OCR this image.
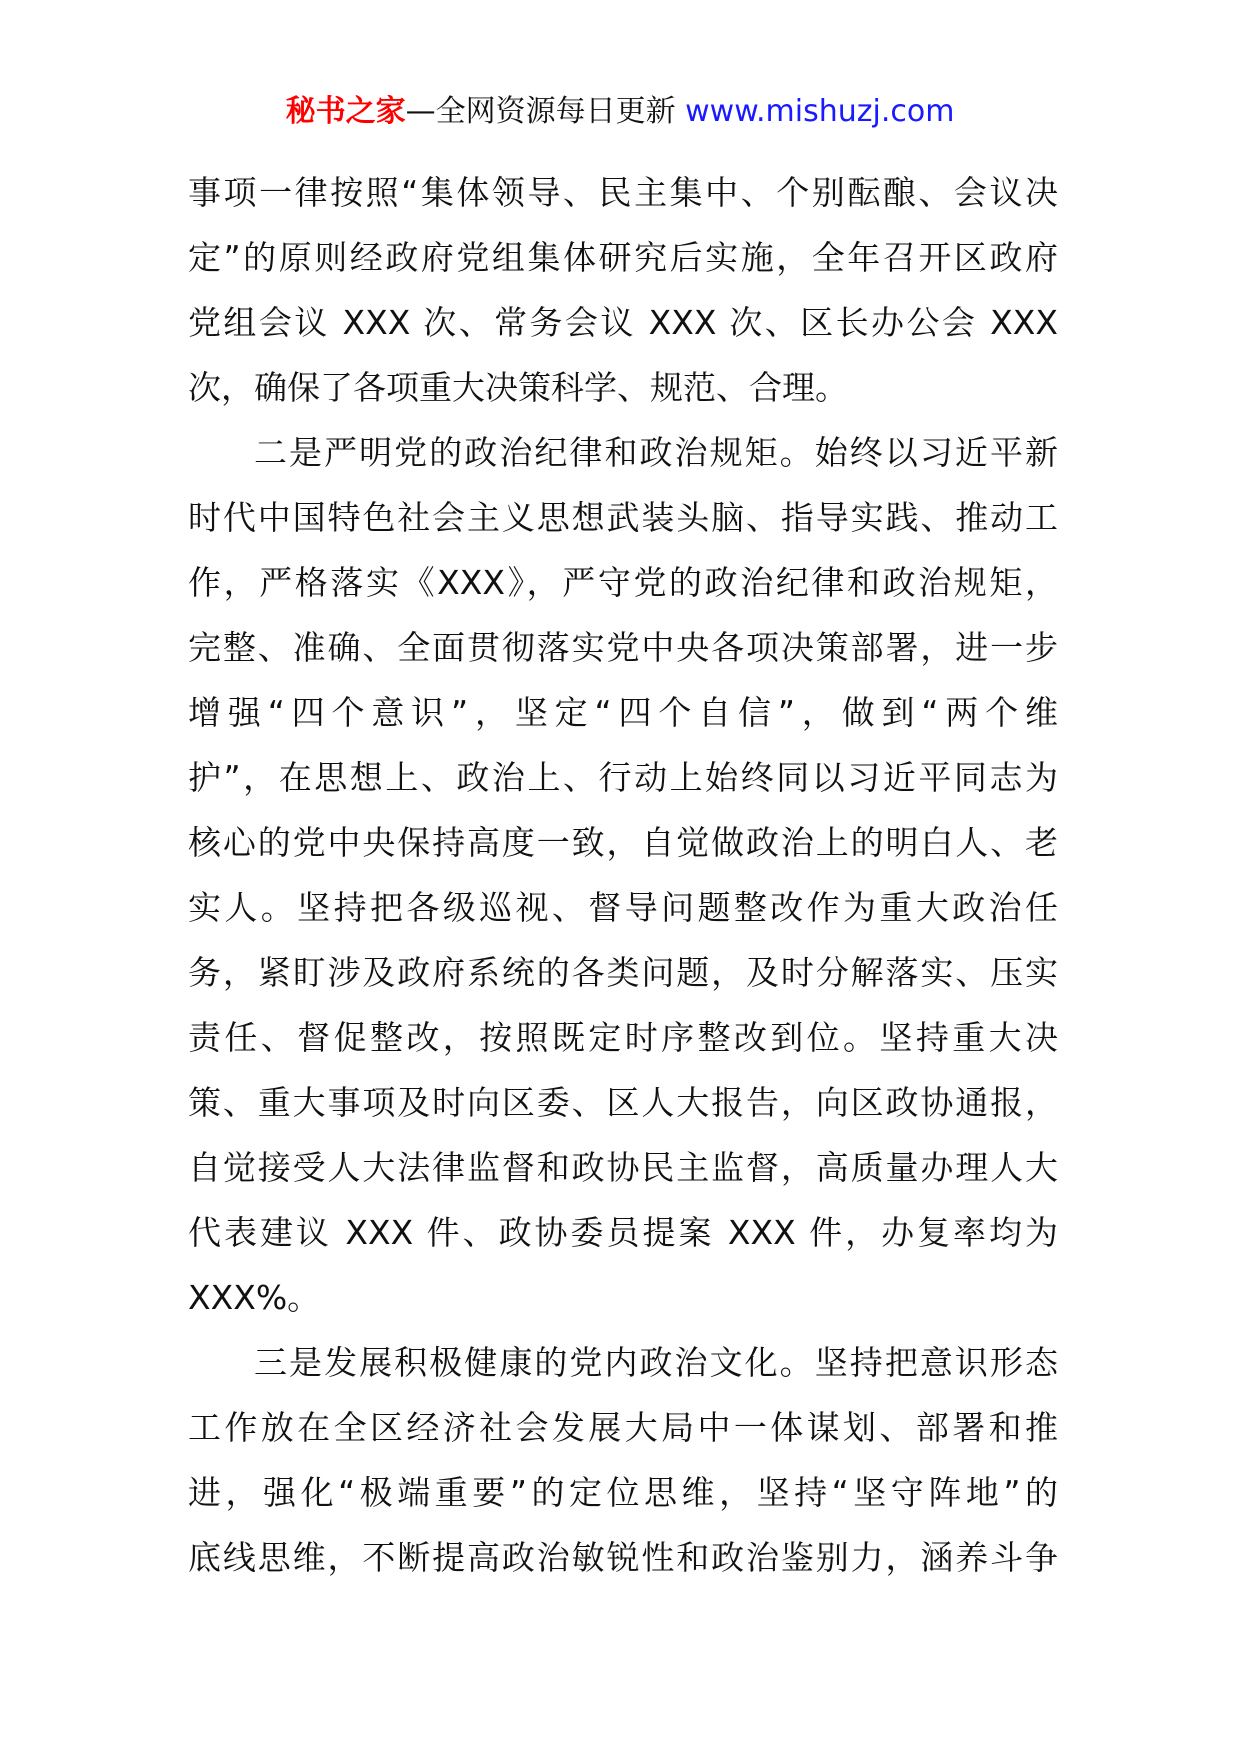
秘书之家—全网资源每日更新 www.mishuzj.com
事项一律按照“集体领导、民主集中、个别酝酿、会议决
定”的原则经政府党组集体研究后实施，全年召开区政府
党组会议 XXX 次、常务会议 XXX 次、区长办公会 XXX
次，确保了各项重大决策科学、规范、合理。
二是严明党的政治纪律和政治规矩。始终以习近平新
时代中国特色社会主义思想武装头脑、指导实践、推动工
作，严格落实《XXX》，严守党的政治纪律和政治规矩，
完整、准确、全面贯彻落实党中央各项决策部署，进一步
增强“四个意识”，坚定“四个自信”，做到“两个维
护”，在思想上、政治上、行动上始终同以习近平同志为
核心的党中央保持高度一致，自觉做政治上的明白人、老
实人。坚持把各级巡视、督导问题整改作为重大政治任
务，紧盯涉及政府系统的各类问题，及时分解落实、压实
责任、督促整改，按照既定时序整改到位。坚持重大决
策、重大事项及时向区委、区人大报告，向区政协通报，
自觉接受人大法律监督和政协民主监督，高质量办理人大
代表建议 XXX 件、政协委员提案 XXX 件，办复率均为
XXX%。
三是发展积极健康的党内政治文化。坚持把意识形态
工作放在全区经济社会发展大局中一体谋划、部署和推
进，强化“极端重要”的定位思维，坚持“坚守阵地”的
底线思维，不断提高政治敏锐性和政治鉴别力，涵养斗争
